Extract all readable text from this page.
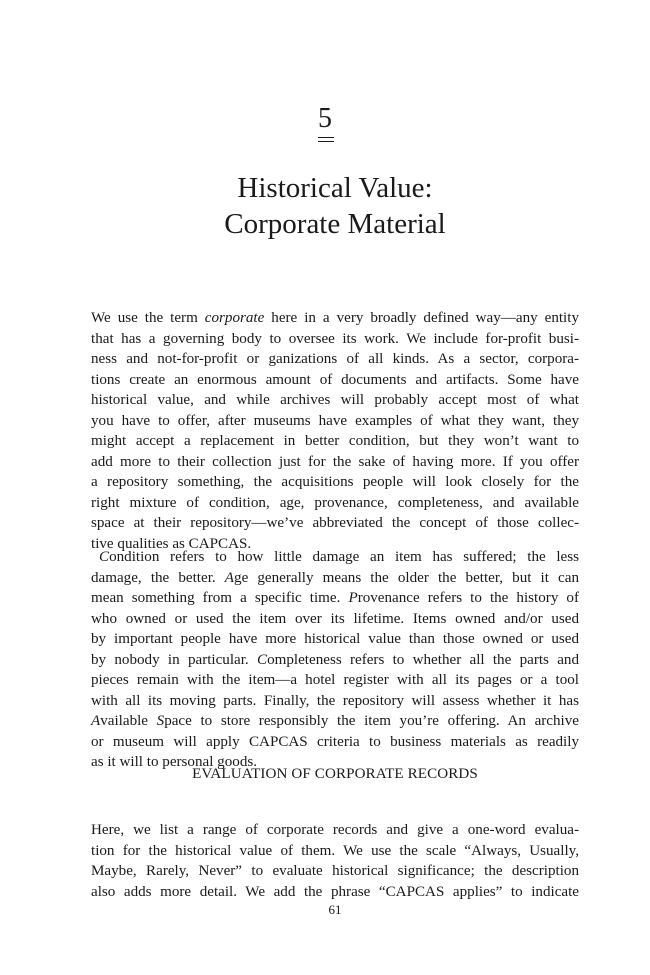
5
Historical Value:
Corporate Material
We use the term corporate here in a very broadly defined way—any entity
that has a governing body to oversee its work. We include for-profit busi-
ness and not-for-profit or ganizations of all kinds. As a sector, corpora-
tions create an enormous amount of documents and artifacts. Some have
historical value, and while archives will probably accept most of what
you have to offer, after museums have examples of what they want, they
might accept a replacement in better condition, but they won’t want to
add more to their collection just for the sake of having more. If you offer
a repository something, the acquisitions people will look closely for the
right mixture of condition, age, provenance, completeness, and available
space at their repository—we’ve abbreviated the concept of those collec-
tive qualities as CAPCAS.
Condition refers to how little damage an item has suffered; the less
damage, the better. Age generally means the older the better, but it can
mean something from a specific time. Provenance refers to the history of
who owned or used the item over its lifetime. Items owned and/or used
by important people have more historical value than those owned or used
by nobody in particular. Completeness refers to whether all the parts and
pieces remain with the item—a hotel register with all its pages or a tool
with all its moving parts. Finally, the repository will assess whether it has
Available Space to store responsibly the item you’re offering. An archive
or museum will apply CAPCAS criteria to business materials as readily
as it will to personal goods.
EVALUATION OF CORPORATE RECORDS
Here, we list a range of corporate records and give a one-word evalua-
tion for the historical value of them. We use the scale “Always, Usually,
Maybe, Rarely, Never” to evaluate historical significance; the description
also adds more detail. We add the phrase “CAPCAS applies” to indicate
61
